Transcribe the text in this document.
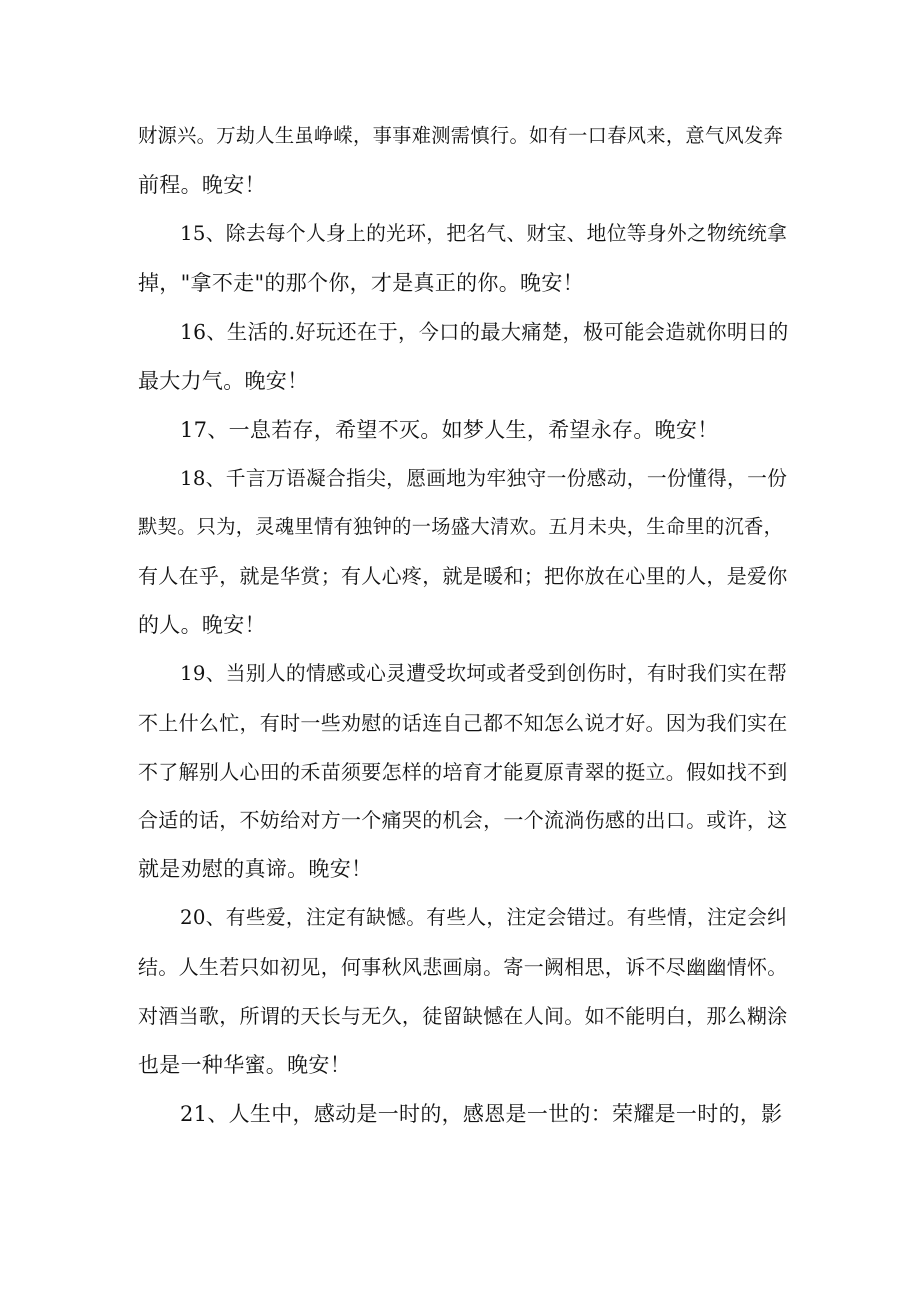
财源兴。万劫人生虽峥嵘，事事难测需慎行。如有一口春风来，意气风发奔

前程。晚安！

15、除去每个人身上的光环，把名气、财宝、地位等身外之物统统拿

掉，"拿不走"的那个你，才是真正的你。晚安！

16、生活的.好玩还在于，今口的最大痛楚，极可能会造就你明日的

最大力气。晚安！

17、一息若存，希望不灭。如梦人生，希望永存。晚安！

18、千言万语凝合指尖，愿画地为牢独守一份感动，一份懂得，一份

默契。只为，灵魂里情有独钟的一场盛大清欢。五月未央，生命里的沉香，

有人在乎，就是华赏；有人心疼，就是暖和；把你放在心里的人，是爱你

的人。晚安！

19、当别人的情感或心灵遭受坎坷或者受到创伤时，有时我们实在帮

不上什么忙，有时一些劝慰的话连自己都不知怎么说才好。因为我们实在

不了解别人心田的禾苗须要怎样的培育才能夏原青翠的挺立。假如找不到

合适的话，不妨给对方一个痛哭的机会，一个流淌伤感的出口。或许，这

就是劝慰的真谛。晚安！

20、有些爱，注定有缺憾。有些人，注定会错过。有些情，注定会纠

结。人生若只如初见，何事秋风悲画扇。寄一阙相思，诉不尽幽幽情怀。

对酒当歌，所谓的天长与无久，徒留缺憾在人间。如不能明白，那么糊涂

也是一种华蜜。晚安！

21、人生中，感动是一时的，感恩是一世的：荣耀是一时的，影
